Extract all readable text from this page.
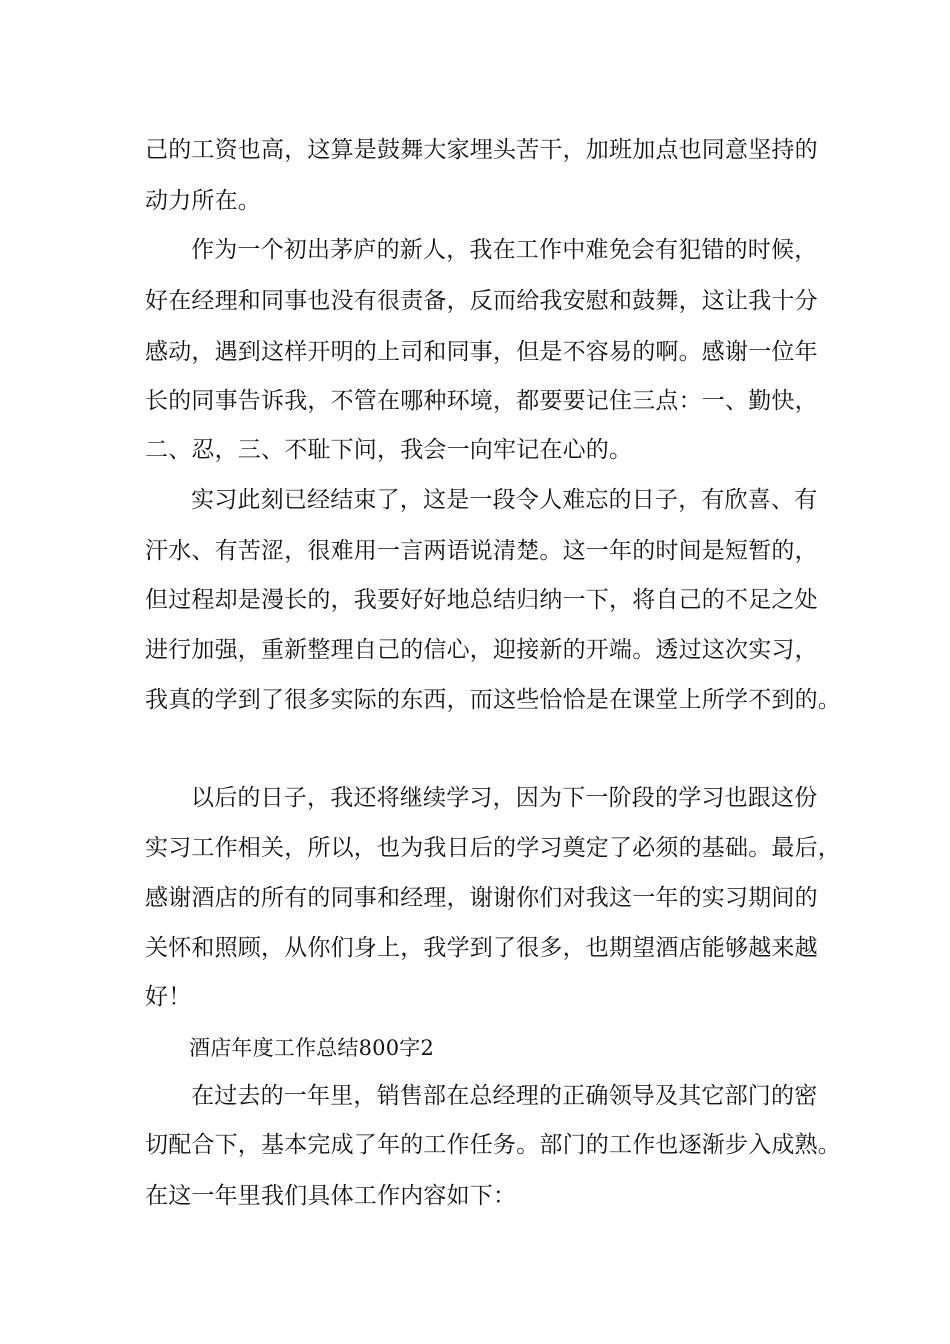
己的工资也高，这算是鼓舞大家埋头苦干，加班加点也同意坚持的
动力所在。
作为一个初出茅庐的新人，我在工作中难免会有犯错的时候，
好在经理和同事也没有很责备，反而给我安慰和鼓舞，这让我十分
感动，遇到这样开明的上司和同事，但是不容易的啊。感谢一位年
长的同事告诉我，不管在哪种环境，都要要记住三点：一、勤快，
二、忍，三、不耻下问，我会一向牢记在心的。
实习此刻已经结束了，这是一段令人难忘的日子，有欣喜、有
汗水、有苦涩，很难用一言两语说清楚。这一年的时间是短暂的，
但过程却是漫长的，我要好好地总结归纳一下，将自己的不足之处
进行加强，重新整理自己的信心，迎接新的开端。透过这次实习，
我真的学到了很多实际的东西，而这些恰恰是在课堂上所学不到的。
以后的日子，我还将继续学习，因为下一阶段的学习也跟这份
实习工作相关，所以，也为我日后的学习奠定了必须的基础。最后，
感谢酒店的所有的同事和经理，谢谢你们对我这一年的实习期间的
关怀和照顾，从你们身上，我学到了很多，也期望酒店能够越来越
好！
酒店年度工作总结800字2
在过去的一年里，销售部在总经理的正确领导及其它部门的密
切配合下，基本完成了年的工作任务。部门的工作也逐渐步入成熟。
在这一年里我们具体工作内容如下：
